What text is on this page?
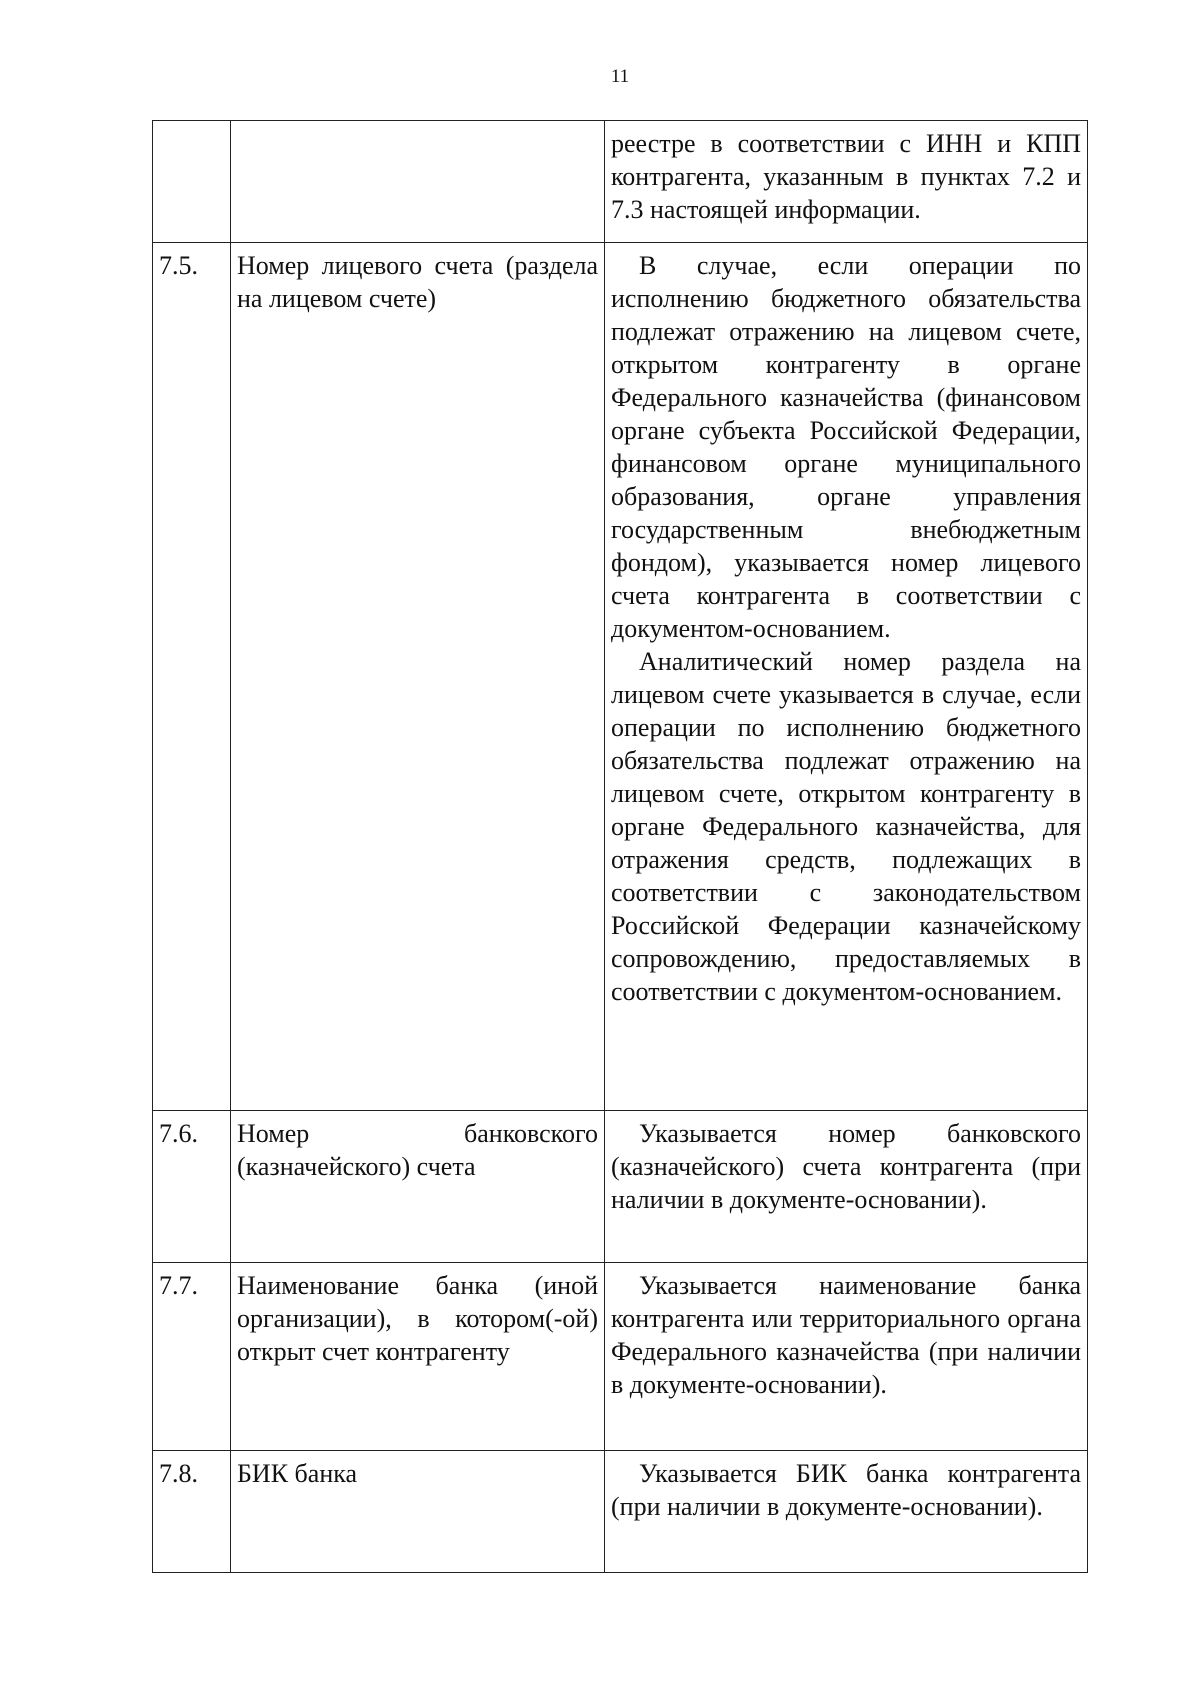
11

		реестре в соответствии с ИНН и КПП контрагента, указанным в пунктах 7.2 и 7.3 настоящей информации.

7.5.	Номер лицевого счета (раздела на лицевом счете)	В случае, если операции по исполнению бюджетного обязательства подлежат отражению на лицевом счете, открытом контрагенту в органе Федерального казначейства (финансовом органе субъекта Российской Федерации, финансовом органе муниципального образования, органе управления государственным внебюджетным фондом), указывается номер лицевого счета контрагента в соответствии с документом-основанием.

Аналитический номер раздела на лицевом счете указывается в случае, если операции по исполнению бюджетного обязательства подлежат отражению на лицевом счете, открытом контрагенту в органе Федерального казначейства, для отражения средств, подлежащих в соответствии с законодательством Российской Федерации казначейскому сопровождению, предоставляемых в соответствии с документом-основанием.

7.6.	Номер банковского (казначейского) счета	Указывается номер банковского (казначейского) счета контрагента (при наличии в документе-основании).

7.7.	Наименование банка (иной организации), в котором(-ой) открыт счет контрагенту	Указывается наименование банка контрагента или территориального органа Федерального казначейства (при наличии в документе-основании).

7.8.	БИК банка	Указывается БИК банка контрагента (при наличии в документе-основании).
